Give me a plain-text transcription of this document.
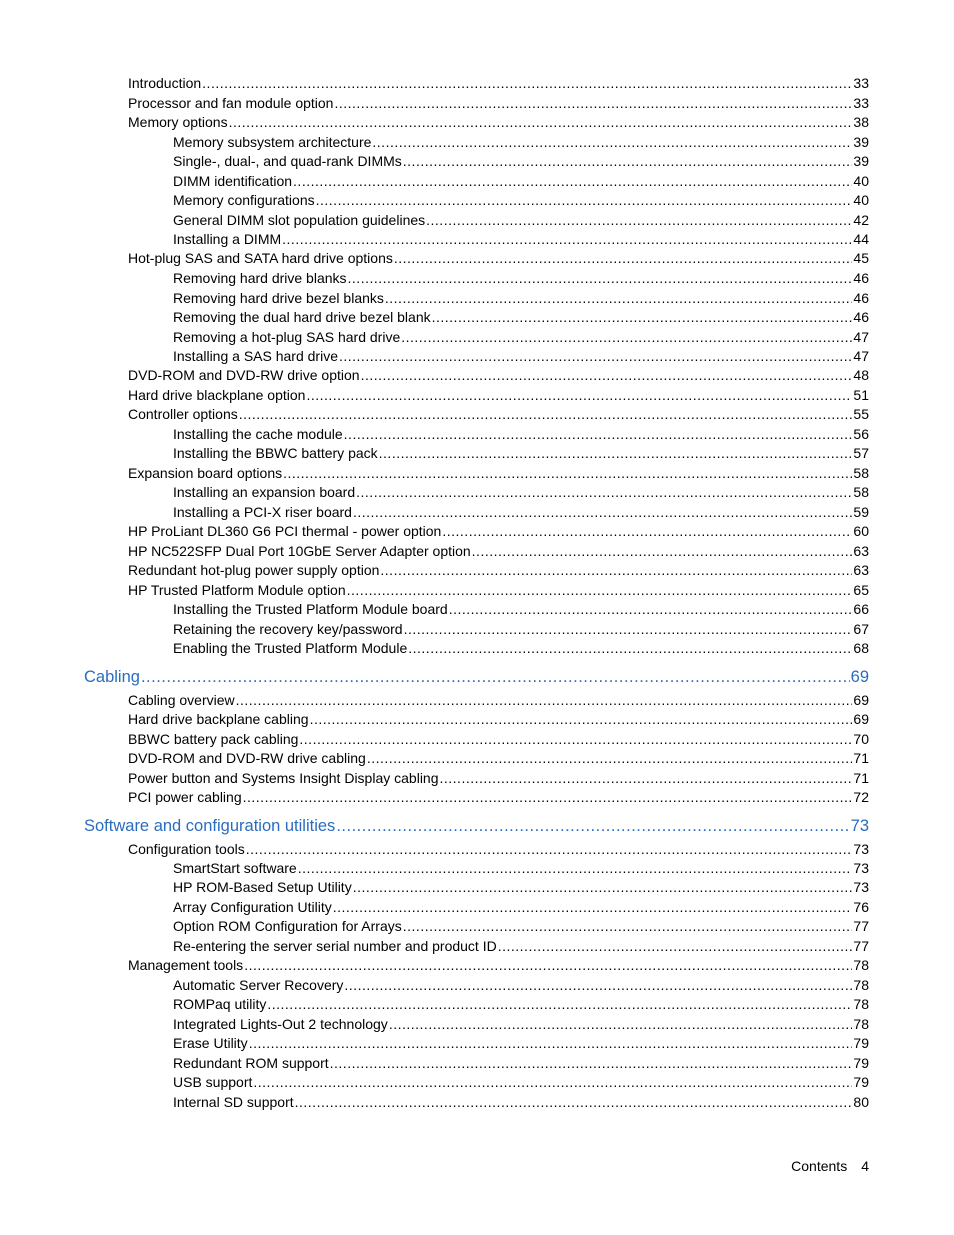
Introduction .....	33
Processor and fan module option .....	33
Memory options .....	38
Memory subsystem architecture .....	39
Single-, dual-, and quad-rank DIMMs .....	39
DIMM identification .....	40
Memory configurations .....	40
General DIMM slot population guidelines .....	42
Installing a DIMM .....	44
Hot-plug SAS and SATA hard drive options .....	45
Removing hard drive blanks .....	46
Removing hard drive bezel blanks .....	46
Removing the dual hard drive bezel blank .....	46
Removing a hot-plug SAS hard drive .....	47
Installing a SAS hard drive .....	47
DVD-ROM and DVD-RW drive option .....	48
Hard drive blackplane option .....	51
Controller options .....	55
Installing the cache module .....	56
Installing the BBWC battery pack .....	57
Expansion board options .....	58
Installing an expansion board .....	58
Installing a PCI-X riser board .....	59
HP ProLiant DL360 G6 PCI thermal - power option .....	60
HP NC522SFP Dual Port 10GbE Server Adapter option .....	63
Redundant hot-plug power supply option .....	63
HP Trusted Platform Module option .....	65
Installing the Trusted Platform Module board .....	66
Retaining the recovery key/password .....	67
Enabling the Trusted Platform Module .....	68
Cabling .....	69
Cabling overview .....	69
Hard drive backplane cabling .....	69
BBWC battery pack cabling .....	70
DVD-ROM and DVD-RW drive cabling .....	71
Power button and Systems Insight Display cabling .....	71
PCI power cabling .....	72
Software and configuration utilities .....	73
Configuration tools .....	73
SmartStart software .....	73
HP ROM-Based Setup Utility .....	73
Array Configuration Utility .....	76
Option ROM Configuration for Arrays .....	77
Re-entering the server serial number and product ID .....	77
Management tools .....	78
Automatic Server Recovery .....	78
ROMPaq utility .....	78
Integrated Lights-Out 2 technology .....	78
Erase Utility .....	79
Redundant ROM support .....	79
USB support .....	79
Internal SD support .....	80
Contents 4
